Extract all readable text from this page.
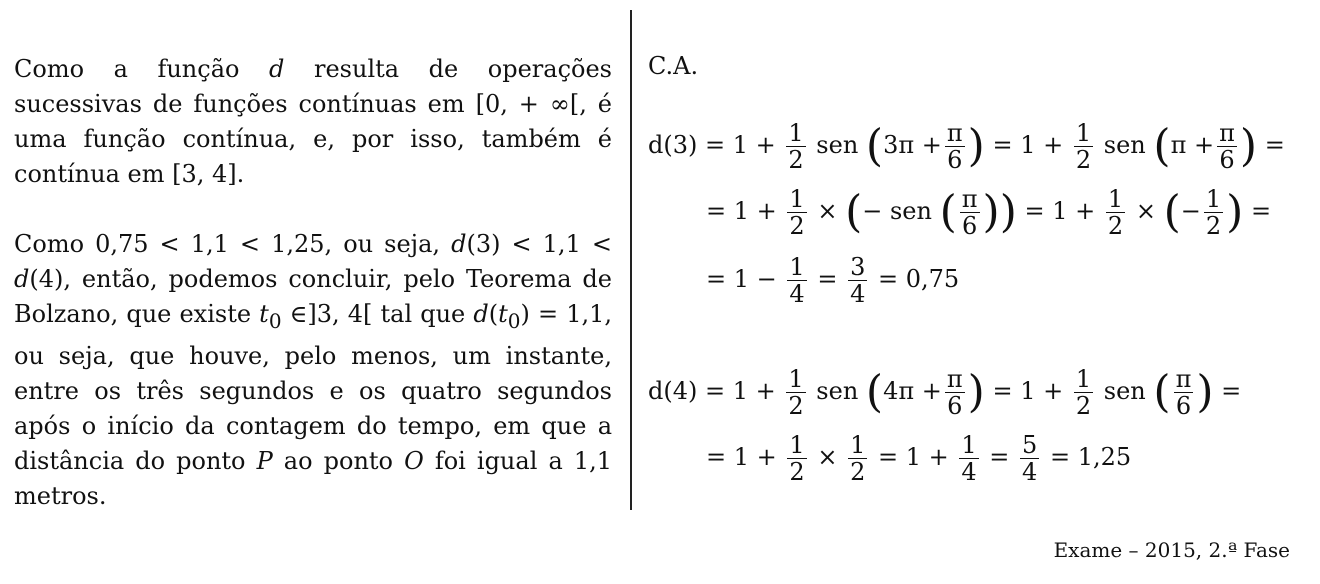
Como a função d resulta de operações sucessivas de funções contínuas em [0, + ∞[, é uma função contínua, e, por isso, também é contínua em [3, 4].

Como 0,75 < 1,1 < 1,25, ou seja, d(3) < 1,1 < d(4), então, podemos concluir, pelo Teorema de Bolzano, que existe $t_0$ ∈]3, 4[ tal que $d(t_0) = 1,1$, ou seja, que houve, pelo menos, um instante, entre os três segundos e os quatro segundos após o início da contagem do tempo, em que a distância do ponto P ao ponto O foi igual a 1,1 metros.

C.A.
$d(3) = 1 + \frac{1}{2}$ sen ($3\pi + \frac{\pi}{6}$ ) = $1 + \frac{1}{2}$ sen ($\pi + \frac{\pi}{6}$ ) =
= $1 + \frac{1}{2}$ × (− sen ( $\frac{\pi}{6}$ )) = $1 + \frac{1}{2}$ × (− $\frac{1}{2}$ ) =
= $1 - \frac{1}{4} = \frac{3}{4} = 0,75$
$d(4) = 1 + \frac{1}{2}$ sen ($4\pi + \frac{\pi}{6}$ ) = $1 + \frac{1}{2}$ sen ( $\frac{\pi}{6}$ ) =
= $1 + \frac{1}{2} \times \frac{1}{2} = 1 + \frac{1}{4} = \frac{5}{4} = 1,25$
Exame – 2015, 2.ª Fase
